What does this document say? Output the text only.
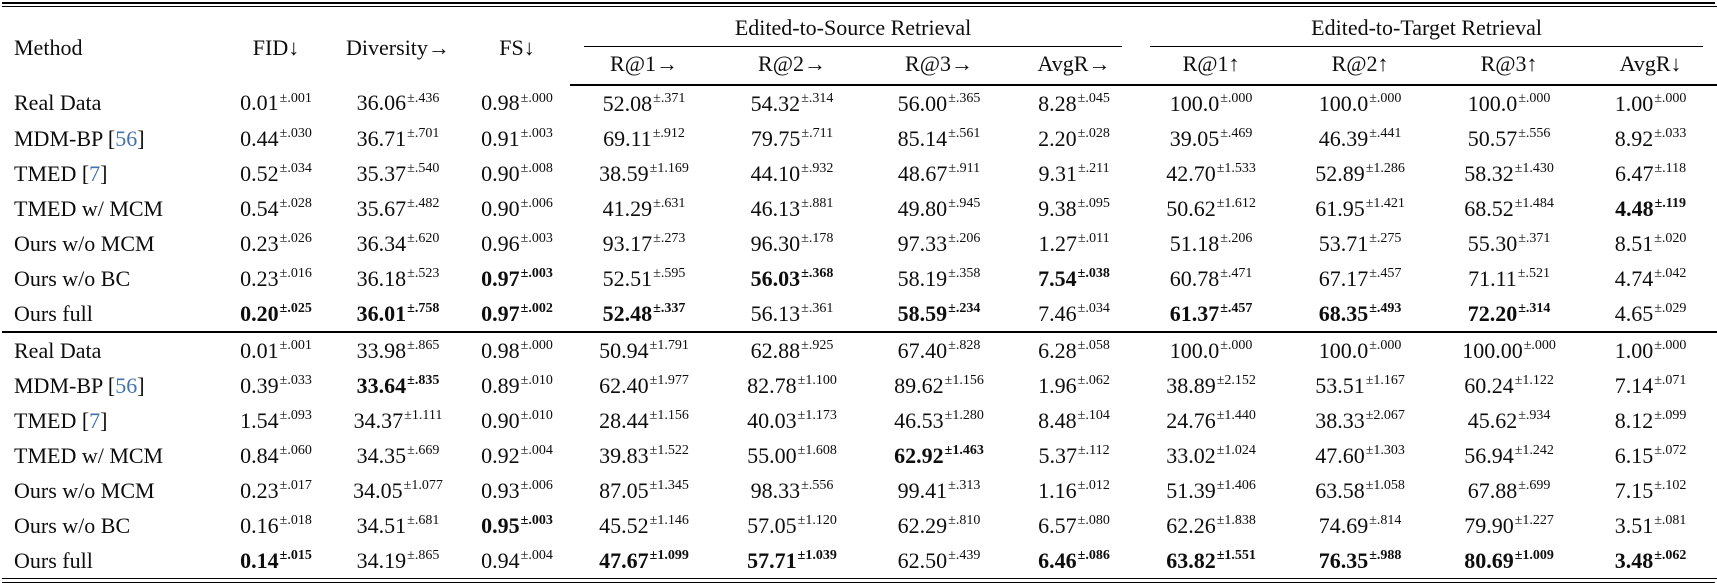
Method	FID↓	Diversity→	FS↓	Edited-to-Source Retrieval				Edited-to-Target Retrieval			

				R@1→	R@2→	R@3→	AvgR→	R@1↑	R@2↑	R@3↑	AvgR↓
Real Data	$0.01^{\pm.001}$	$36.06^{\pm.436}$	$0.98^{\pm.000}$	$52.08^{\pm.371}$	$54.32^{\pm.314}$	$56.00^{\pm.365}$	$8.28^{\pm.045}$	$100.0^{\pm.000}$	$100.0^{\pm.000}$	$100.0^{\pm.000}$	$1.00^{\pm.000}$
MDM-BP [56]	$0.44^{\pm.030}$	$36.71^{\pm.701}$	$0.91^{\pm.003}$	$69.11^{\pm.912}$	$79.75^{\pm.711}$	$85.14^{\pm.561}$	$2.20^{\pm.028}$	$39.05^{\pm.469}$	$46.39^{\pm.441}$	$50.57^{\pm.556}$	$8.92^{\pm.033}$
TMED [7]	$0.52^{\pm.034}$	$35.37^{\pm.540}$	$0.90^{\pm.008}$	$38.59^{\pm 1.169}$	$44.10^{\pm.932}$	$48.67^{\pm.911}$	$9.31^{\pm.211}$	$42.70^{\pm 1.533}$	$52.89^{\pm 1.286}$	$58.32^{\pm 1.430}$	$6.47^{\pm.118}$
TMED w/ MCM	$0.54^{\pm.028}$	$35.67^{\pm.482}$	$0.90^{\pm.006}$	$41.29^{\pm.631}$	$46.13^{\pm.881}$	$49.80^{\pm.945}$	$9.38^{\pm.095}$	$50.62^{\pm 1.612}$	$61.95^{\pm 1.421}$	$68.52^{\pm 1.484}$	$4.48^{\pm.119}$
Ours w/o MCM	$0.23^{\pm.026}$	$36.34^{\pm.620}$	$0.96^{\pm.003}$	$93.17^{\pm.273}$	$96.30^{\pm.178}$	$97.33^{\pm.206}$	$1.27^{\pm.011}$	$51.18^{\pm.206}$	$53.71^{\pm.275}$	$55.30^{\pm.371}$	$8.51^{\pm.020}$
Ours w/o BC	$0.23^{\pm.016}$	$36.18^{\pm.523}$	$0.97^{\pm.003}$	$52.51^{\pm.595}$	$56.03^{\pm.368}$	$58.19^{\pm.358}$	$7.54^{\pm.038}$	$60.78^{\pm.471}$	$67.17^{\pm.457}$	$71.11^{\pm.521}$	$4.74^{\pm.042}$
Ours full	$0.20^{\pm.025}$	$36.01^{\pm.758}$	$0.97^{\pm.002}$	$52.48^{\pm.337}$	$56.13^{\pm.361}$	$58.59^{\pm.234}$	$7.46^{\pm.034}$	$61.37^{\pm.457}$	$68.35^{\pm.493}$	$72.20^{\pm.314}$	$4.65^{\pm.029}$
Real Data	$0.01^{\pm.001}$	$33.98^{\pm.865}$	$0.98^{\pm.000}$	$50.94^{\pm 1.791}$	$62.88^{\pm.925}$	$67.40^{\pm.828}$	$6.28^{\pm.058}$	$100.0^{\pm.000}$	$100.0^{\pm.000}$	$100.00^{\pm.000}$	$1.00^{\pm.000}$
MDM-BP [56]	$0.39^{\pm.033}$	$33.64^{\pm.835}$	$0.89^{\pm.010}$	$62.40^{\pm 1.977}$	$82.78^{\pm 1.100}$	$89.62^{\pm 1.156}$	$1.96^{\pm.062}$	$38.89^{\pm 2.152}$	$53.51^{\pm 1.167}$	$60.24^{\pm 1.122}$	$7.14^{\pm.071}$
TMED [7]	$1.54^{\pm.093}$	$34.37^{\pm 1.111}$	$0.90^{\pm.010}$	$28.44^{\pm 1.156}$	$40.03^{\pm 1.173}$	$46.53^{\pm 1.280}$	$8.48^{\pm.104}$	$24.76^{\pm 1.440}$	$38.33^{\pm 2.067}$	$45.62^{\pm.934}$	$8.12^{\pm.099}$
TMED w/ MCM	$0.84^{\pm.060}$	$34.35^{\pm.669}$	$0.92^{\pm.004}$	$39.83^{\pm 1.522}$	$55.00^{\pm 1.608}$	$62.92^{\pm 1.463}$	$5.37^{\pm.112}$	$33.02^{\pm 1.024}$	$47.60^{\pm 1.303}$	$56.94^{\pm 1.242}$	$6.15^{\pm.072}$
Ours w/o MCM	$0.23^{\pm.017}$	$34.05^{\pm 1.077}$	$0.93^{\pm.006}$	$87.05^{\pm 1.345}$	$98.33^{\pm.556}$	$99.41^{\pm.313}$	$1.16^{\pm.012}$	$51.39^{\pm 1.406}$	$63.58^{\pm 1.058}$	$67.88^{\pm.699}$	$7.15^{\pm.102}$
Ours w/o BC	$0.16^{\pm.018}$	$34.51^{\pm.681}$	$0.95^{\pm.003}$	$45.52^{\pm 1.146}$	$57.05^{\pm 1.120}$	$62.29^{\pm.810}$	$6.57^{\pm.080}$	$62.26^{\pm 1.838}$	$74.69^{\pm.814}$	$79.90^{\pm 1.227}$	$3.51^{\pm.081}$
Ours full	$0.14^{\pm.015}$	$34.19^{\pm.865}$	$0.94^{\pm.004}$	$47.67^{\pm 1.099}$	$57.71^{\pm 1.039}$	$62.50^{\pm.439}$	$6.46^{\pm.086}$	$63.82^{\pm 1.551}$	$76.35^{\pm.988}$	$80.69^{\pm 1.009}$	$3.48^{\pm.062}$
